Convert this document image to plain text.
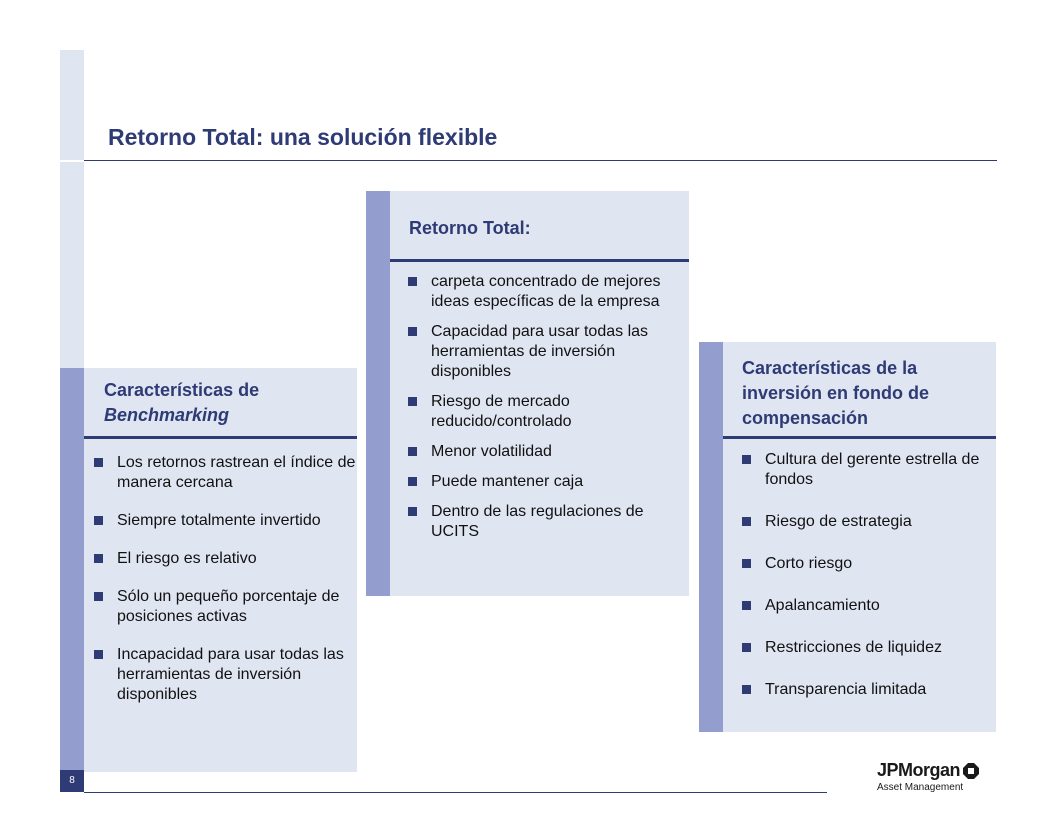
Retorno Total: una solución flexible
Características de
Benchmarking
Los retornos rastrean el índice de manera cercana
Siempre totalmente invertido
El riesgo es relativo
Sólo un pequeño porcentaje de posiciones activas
Incapacidad para usar todas las herramientas de inversión disponibles
Retorno Total:
carpeta concentrado de mejores ideas específicas de la empresa
Capacidad para usar todas las herramientas de inversión disponibles
Riesgo de mercado reducido/controlado
Menor volatilidad
Puede mantener caja
Dentro de las regulaciones de UCITS
Características de la inversión en fondo de compensación
Cultura del gerente estrella de fondos
Riesgo de estrategia
Corto riesgo
Apalancamiento
Restricciones de liquidez
Transparencia limitada
8
JPMorgan
Asset Management
